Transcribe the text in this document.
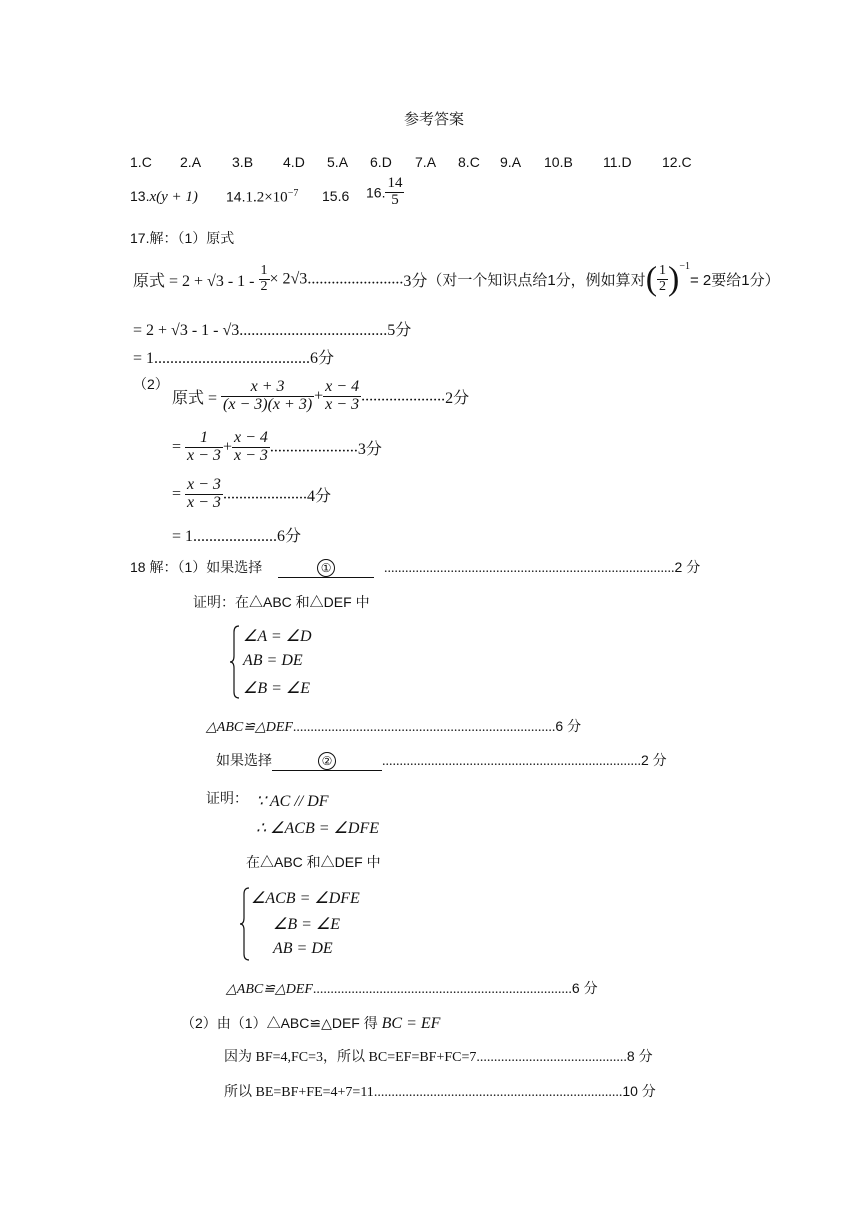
参考答案
1.C 2.A 3.B 4.D 5.A 6.D 7.A 8.C 9.A 10.B 11.D 12.C
13.x(y + 1) $14.1.2\times 10^{-7}$ 15.6 16. $\frac{14}{5}$
17.解：（1）原式
原式 = $2 + √3 - 1 - \frac{1}{2} \times 2√3........................3$分（对一个知识点给1分，例如算对( $\frac{1}{2} )^{-1}= 2$要给1分）
= 2 + √3 - 1 - √3.....................................5分
= 1.......................................6分
（2）
原式 = $\frac{x + 3}{(x - 3)(x + 3)} + \frac{x - 4}{x - 3} .....................2$分
= $\frac{1}{x - 3} + \frac{x - 4}{x - 3} ......................3$分
= $\frac{x - 3}{x - 3} .....................4$分
= 1.....................6分
18 解：（1）如果选择	①	...................................................................................2 分
证明：在△ABC 和△DEF 中
∠A = ∠D
AB = DE
∠B = ∠E
△ABC≌△DEF...........................................................................6 分
如果选择	②	..........................................................................2 分
证明： ∵ AC // DF
∴ ∠ACB = ∠DFE
在△ABC 和△DEF 中
∠ACB = ∠DFE
∠B = ∠E
AB = DE
△ABC≌△DEF..........................................................................6 分
（2）由（1）△ABC≌△DEF 得 BC = EF
因为 BF=4,FC=3，所以 BC=EF=BF+FC=7...........................................8 分
所以 BE=BF+FE=4+7=11.......................................................................10 分
